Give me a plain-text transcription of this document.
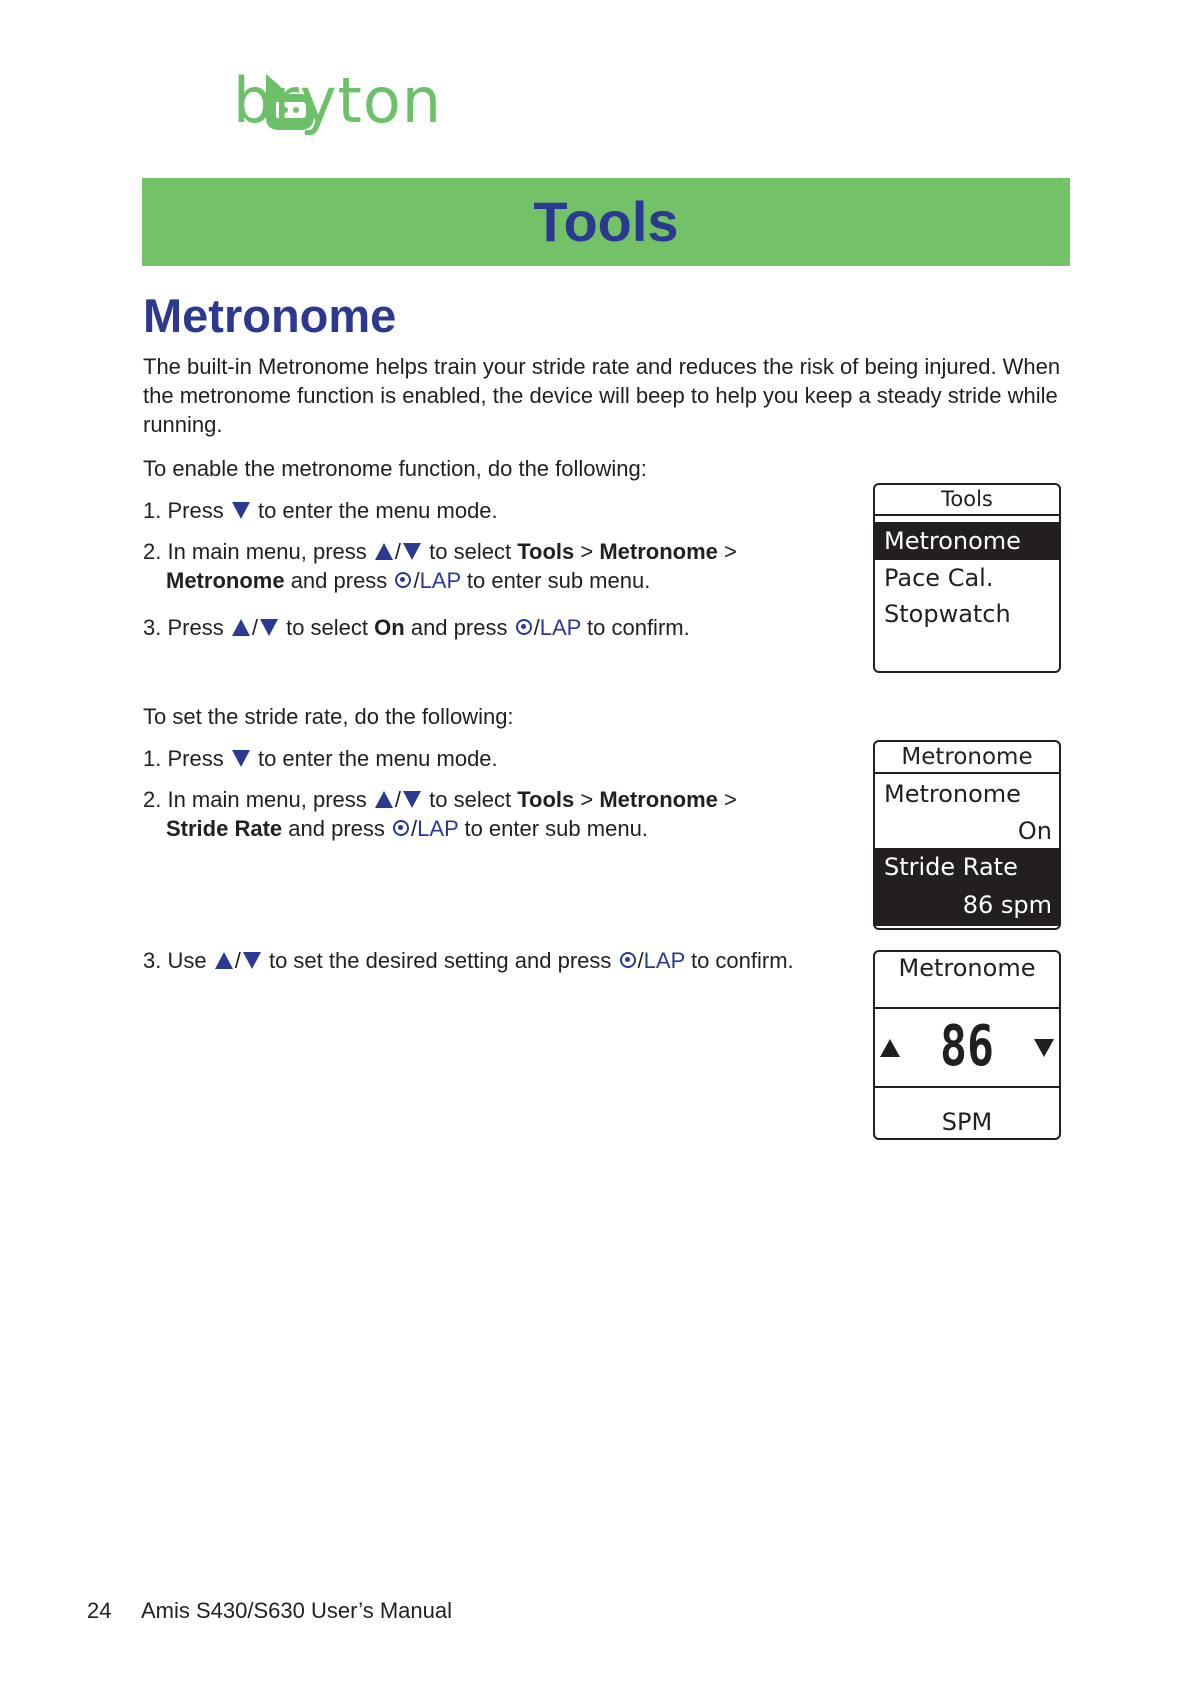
bryton
Tools
Metronome
The built-in Metronome helps train your stride rate and reduces the risk of being injured. When the metronome function is enabled, the device will beep to help you keep a steady stride while running.
To enable the metronome function, do the following:
1. Press to enter the menu mode.
2. In main menu, press / to select Tools > Metronome >
Metronome and press /LAP to enter sub menu.
3. Press / to select On and press /LAP to confirm.
To set the stride rate, do the following:
1. Press to enter the menu mode.
2. In main menu, press / to select Tools > Metronome >
Stride Rate and press /LAP to enter sub menu.
3. Use / to set the desired setting and press /LAP to confirm.
Tools
Metronome
Pace Cal.
Stopwatch
Metronome
Metronome
On
Stride Rate
86 spm
Metronome
86
SPM
24 Amis S430/S630 User’s Manual
